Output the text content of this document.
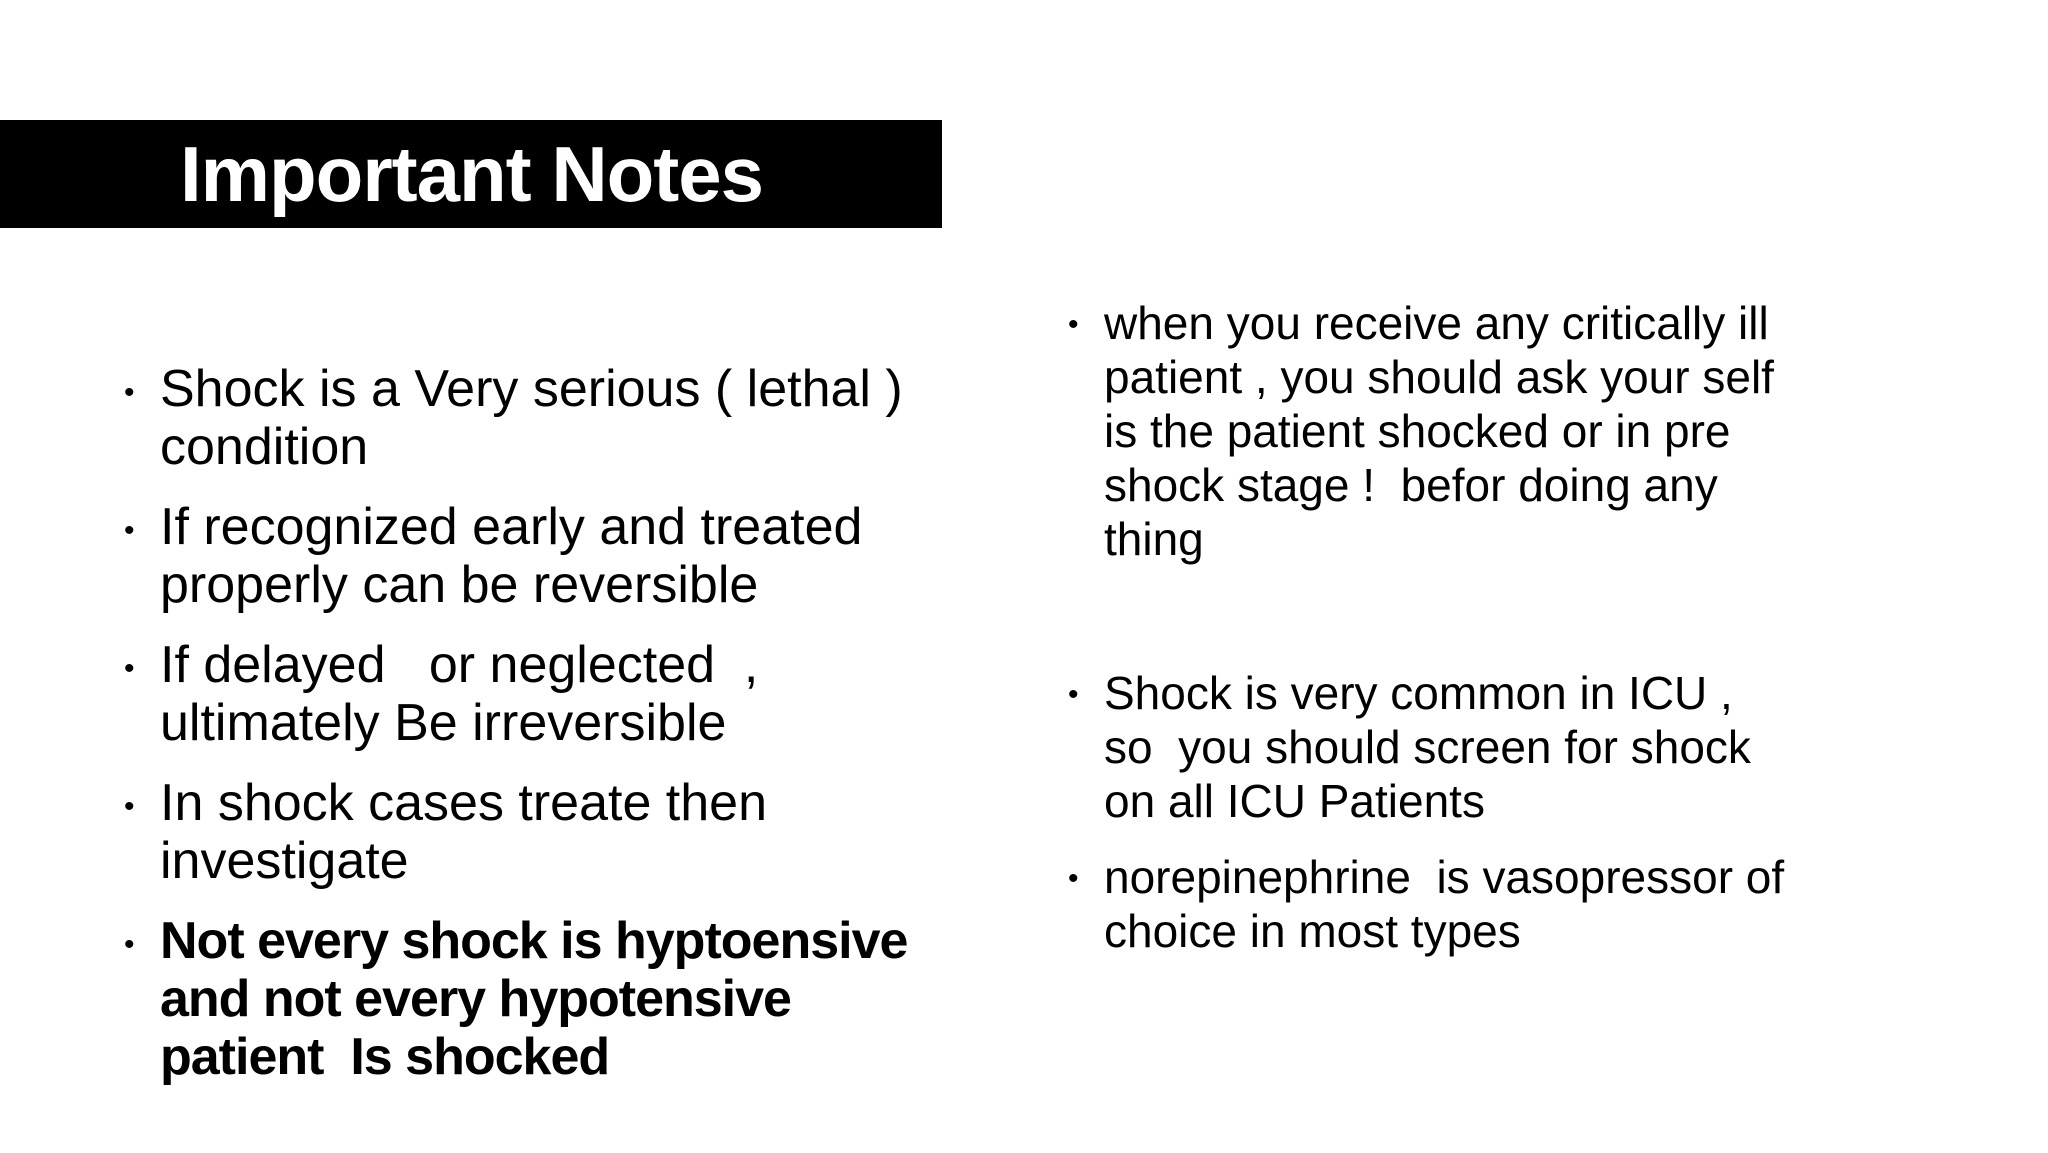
Important Notes
• Shock is a Very serious ( lethal )
condition
• If recognized early and treated
properly can be reversible
• If delayed   or neglected  ,
ultimately Be irreversible
• In shock cases treate then
investigate
• Not every shock is hyptoensive
and not every hypotensive
patient  Is shocked
• when you receive any critically ill
patient , you should ask your self
is the patient shocked or in pre
shock stage !  befor doing any
thing
• Shock is very common in ICU ,
so  you should screen for shock
on all ICU Patients
• norepinephrine  is vasopressor of
choice in most types
